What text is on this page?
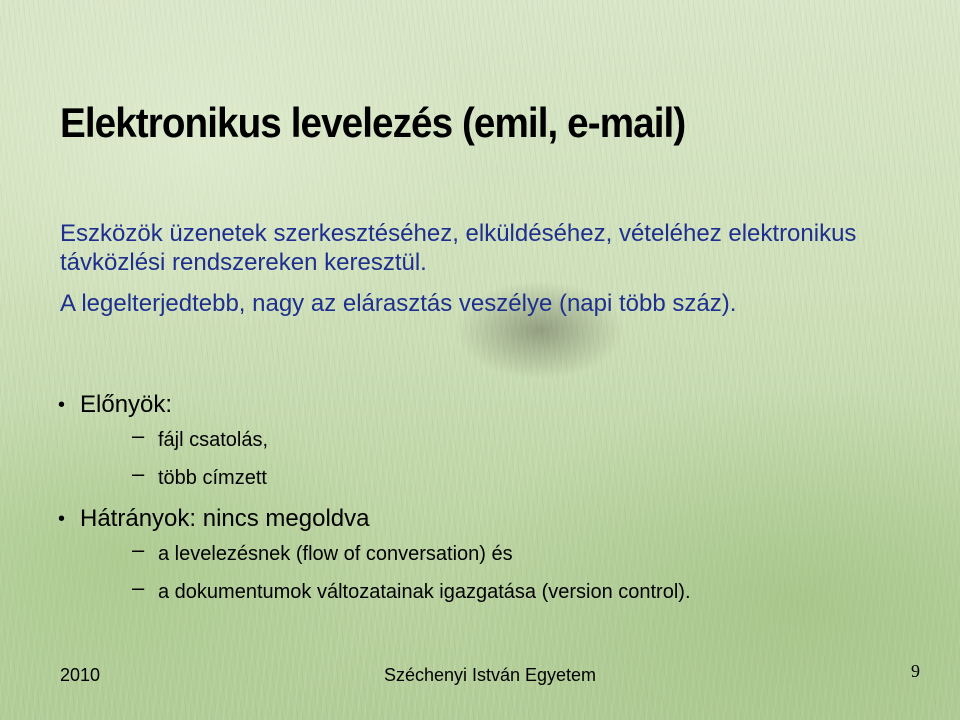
Elektronikus levelezés (emil, e-mail)

Eszközök üzenetek szerkesztéséhez, elküldéséhez, vételéhez elektronikus távközlési rendszereken keresztül.

A legelterjedtebb, nagy az elárasztás veszélye (napi több száz).

• Előnyök:
– fájl csatolás,
– több címzett
• Hátrányok: nincs megoldva
– a levelezésnek (flow of conversation) és
– a dokumentumok változatainak igazgatása (version control).
2010	Széchenyi István Egyetem	9
